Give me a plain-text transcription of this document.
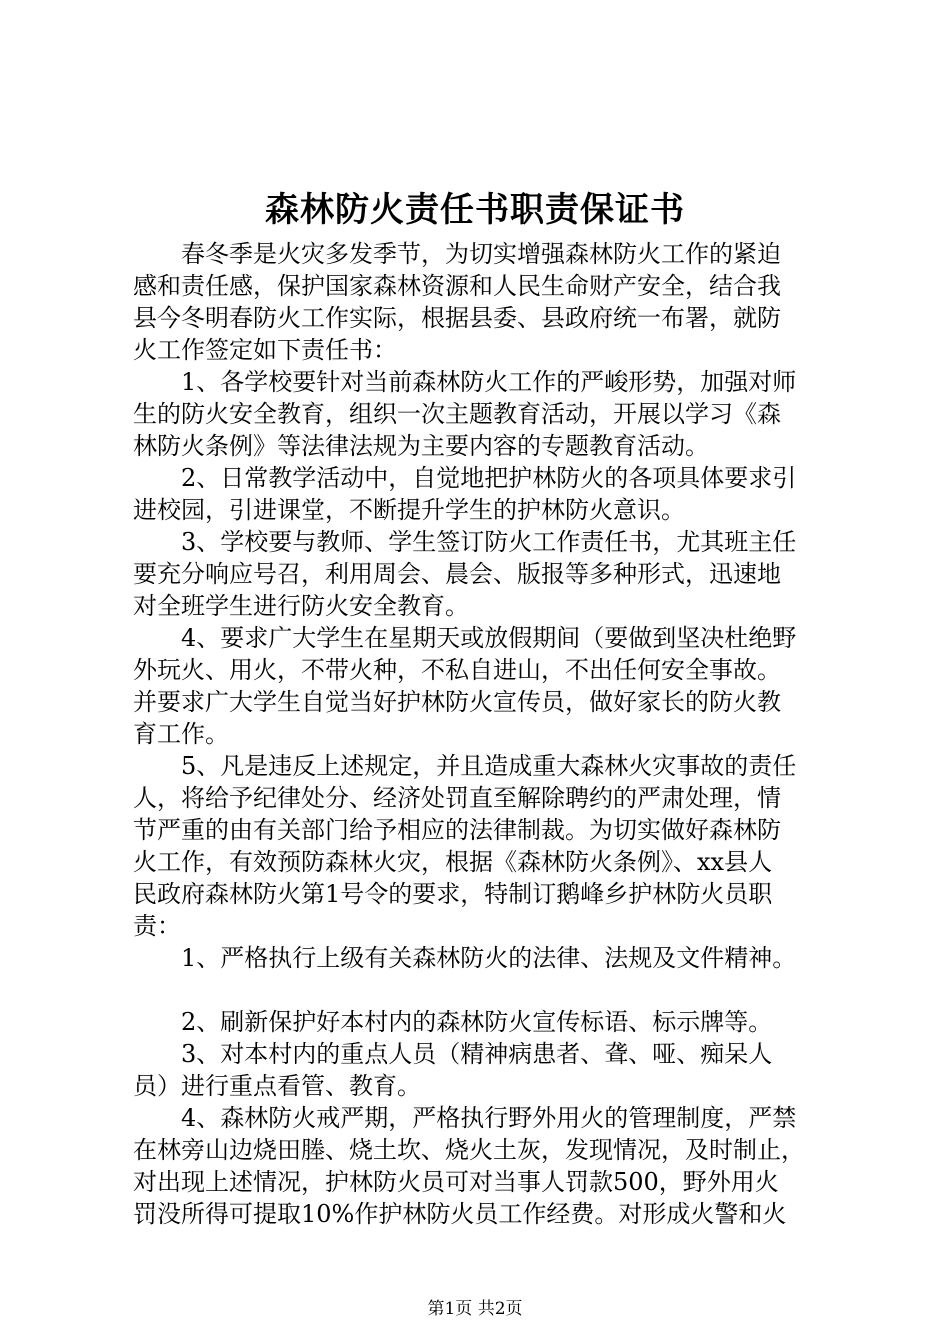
森林防火责任书职责保证书
春冬季是火灾多发季节，为切实增强森林防火工作的紧迫
感和责任感，保护国家森林资源和人民生命财产安全，结合我
县今冬明春防火工作实际，根据县委、县政府统一布署，就防
火工作签定如下责任书：
1、各学校要针对当前森林防火工作的严峻形势，加强对师
生的防火安全教育，组织一次主题教育活动，开展以学习《森
林防火条例》等法律法规为主要内容的专题教育活动。
2、日常教学活动中，自觉地把护林防火的各项具体要求引
进校园，引进课堂，不断提升学生的护林防火意识。
3、学校要与教师、学生签订防火工作责任书，尤其班主任
要充分响应号召，利用周会、晨会、版报等多种形式，迅速地
对全班学生进行防火安全教育。
4、要求广大学生在星期天或放假期间（要做到坚决杜绝野
外玩火、用火，不带火种，不私自进山，不出任何安全事故。
并要求广大学生自觉当好护林防火宣传员，做好家长的防火教
育工作。
5、凡是违反上述规定，并且造成重大森林火灾事故的责任
人，将给予纪律处分、经济处罚直至解除聘约的严肃处理，情
节严重的由有关部门给予相应的法律制裁。为切实做好森林防
火工作，有效预防森林火灾，根据《森林防火条例》、xx县人
民政府森林防火第1号令的要求，特制订鹅峰乡护林防火员职
责：
1、严格执行上级有关森林防火的法律、法规及文件精神。
2、刷新保护好本村内的森林防火宣传标语、标示牌等。
3、对本村内的重点人员（精神病患者、聋、哑、痴呆人
员）进行重点看管、教育。
4、森林防火戒严期，严格执行野外用火的管理制度，严禁
在林旁山边烧田塍、烧土坎、烧火土灰，发现情况，及时制止，
对出现上述情况，护林防火员可对当事人罚款500，野外用火
罚没所得可提取10%作护林防火员工作经费。对形成火警和火
第1页 共2页
